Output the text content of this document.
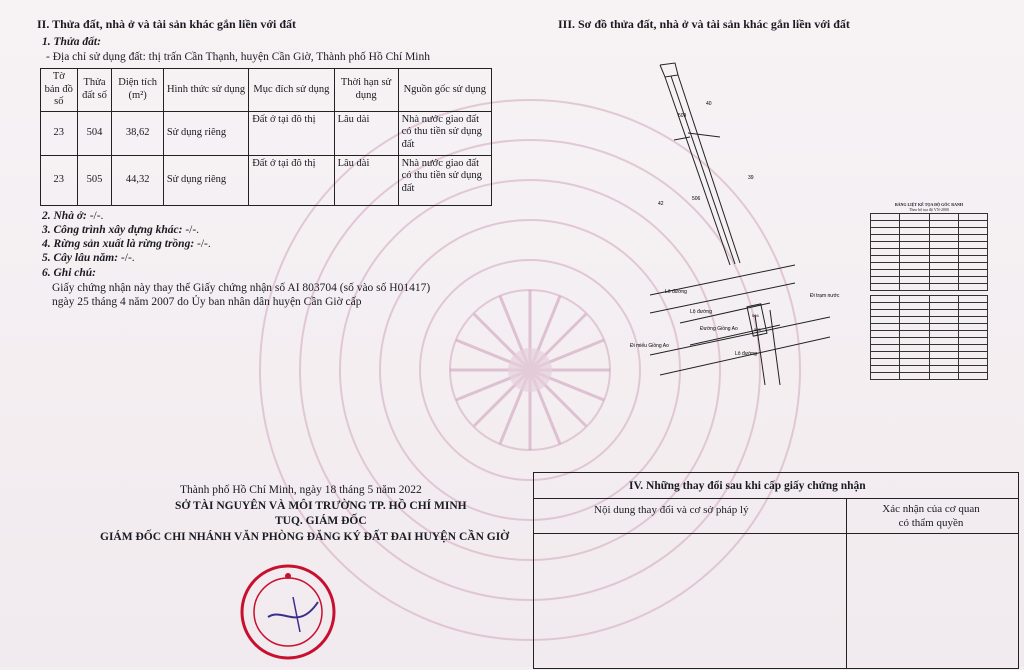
II. Thửa đất, nhà ở và tài sản khác gắn liền với đất
1. Thửa đất:
- Địa chỉ sử dụng đất: thị trấn Cần Thạnh, huyện Cần Giờ, Thành phố Hồ Chí Minh
Tờ bản đồ số	Thửa đất số	Diện tích (m²)	Hình thức sử dụng	Mục đích sử dụng	Thời hạn sử dụng	Nguồn gốc sử dụng
23	504	38,62	Sử dụng riêng	Đất ở tại đô thị	Lâu dài	Nhà nước giao đất có thu tiền sử dụng đất
23	505	44,32	Sử dụng riêng	Đất ở tại đô thị	Lâu dài	Nhà nước giao đất có thu tiền sử dụng đất
2. Nhà ở: -/-.
3. Công trình xây dựng khác: -/-.
4. Rừng sản xuất là rừng trồng: -/-.
5. Cây lâu năm: -/-.
6. Ghi chú:
Giấy chứng nhận này thay thế Giấy chứng nhận số AI 803704 (số vào số H01417)
ngày 25 tháng 4 năm 2007 do Ủy ban nhân dân huyện Cần Giờ cấp
III. Sơ đồ thửa đất, nhà ở và tài sản khác gắn liền với đất
509
40
39
42
506
Lô đường
Đường Giồng Ao
Lộ đường
Lô đường
Đi miếu Giồng Ao
Đi trạm nước
504
505
BẢNG LIỆT KÊ TỌA ĐỘ GÓC RANH
Theo hệ tọa độ VN-2000

Thành phố Hồ Chí Minh, ngày 18 tháng 5 năm 2022
SỞ TÀI NGUYÊN VÀ MÔI TRƯỜNG TP. HỒ CHÍ MINH
TUQ. GIÁM ĐỐC
GIÁM ĐỐC CHI NHÁNH VĂN PHÒNG ĐĂNG KÝ ĐẤT ĐAI HUYỆN CẦN GIỜ
IV. Những thay đổi sau khi cấp giấy chứng nhận
Nội dung thay đổi và cơ sở pháp lý	Xác nhận của cơ quan
có thẩm quyền
